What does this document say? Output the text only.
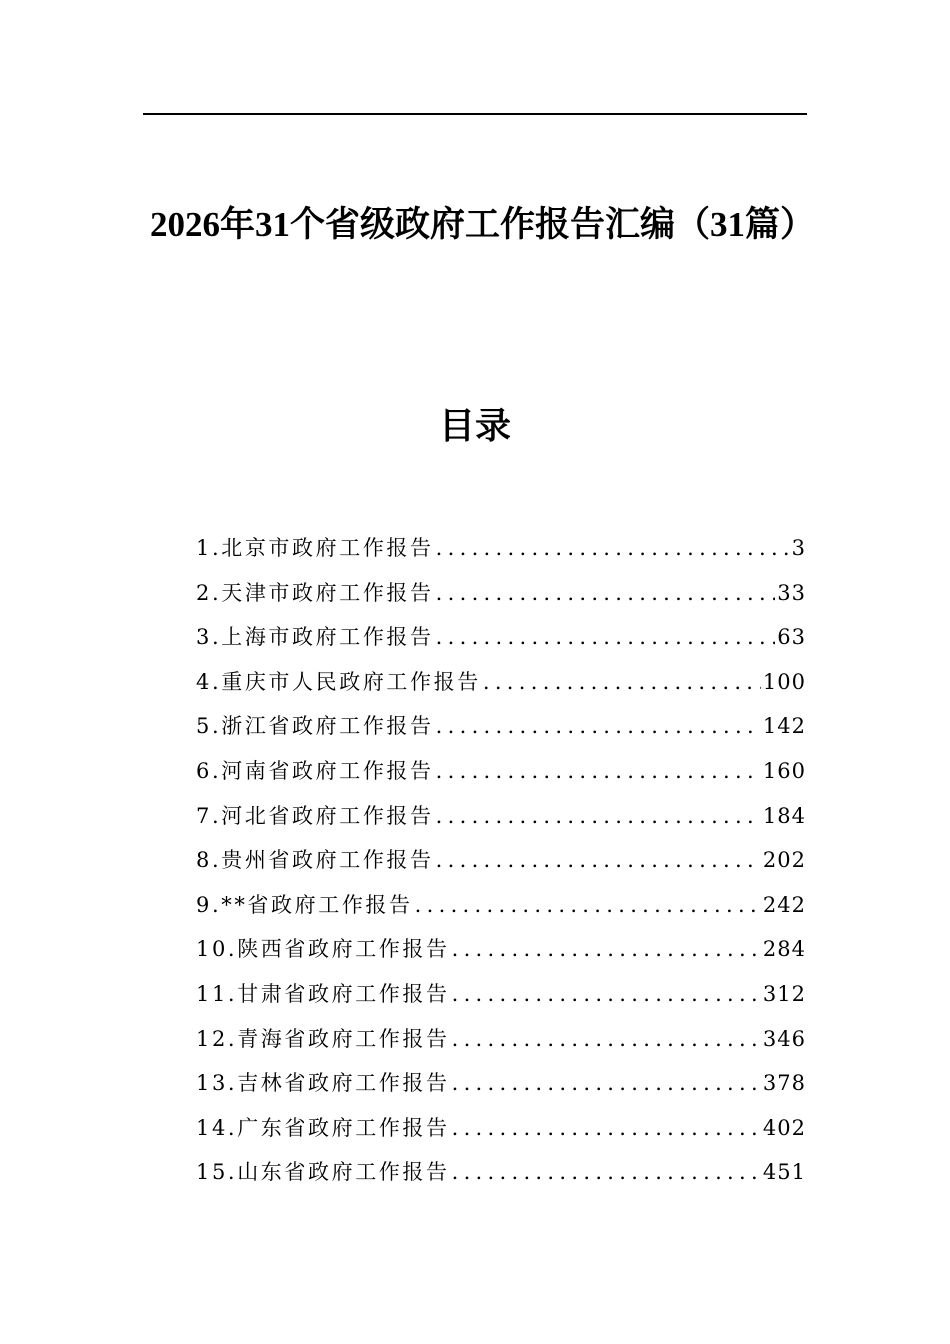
2026年31个省级政府工作报告汇编（31篇）
目录
1.北京市政府工作报告 .....	3
2.天津市政府工作报告 .....	33
3.上海市政府工作报告 .....	63
4.重庆市人民政府工作报告 .....	100
5.浙江省政府工作报告 .....	142
6.河南省政府工作报告 .....	160
7.河北省政府工作报告 .....	184
8.贵州省政府工作报告 .....	202
9.**省政府工作报告 .....	242
10.陕西省政府工作报告 .....	284
11.甘肃省政府工作报告 .....	312
12.青海省政府工作报告 .....	346
13.吉林省政府工作报告 .....	378
14.广东省政府工作报告 .....	402
15.山东省政府工作报告 .....	451
